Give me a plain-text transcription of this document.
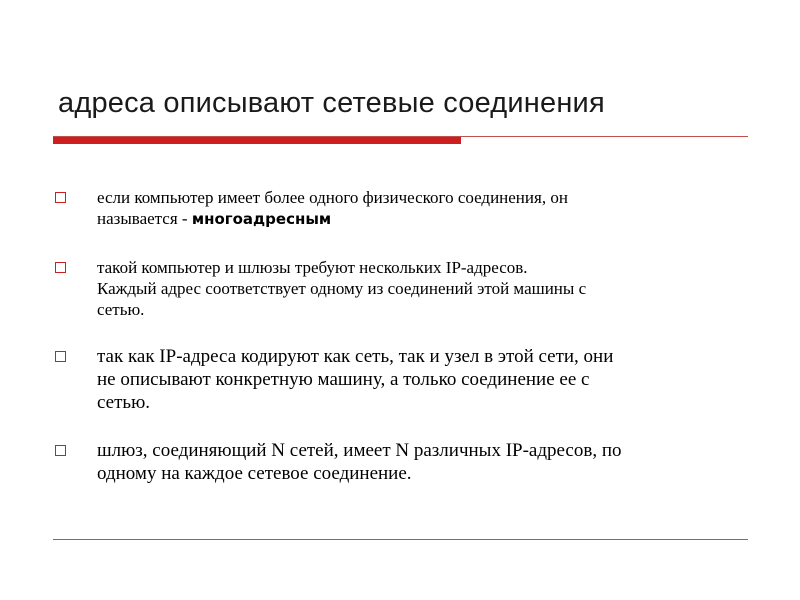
адреса описывают сетевые соединения
если компьютер имеет более одного физического соединения, он
называется - многоадресным
такой компьютер и шлюзы требуют нескольких IP-адресов.
Каждый адрес соответствует одному из соединений этой машины с
сетью.
так как IP-адреса кодируют как сеть, так и узел в этой сети, они
не описывают конкретную машину, а только соединение ее с
сетью.
шлюз, соединяющий N сетей, имеет N различных IP-адресов, по
одному на каждое сетевое соединение.
